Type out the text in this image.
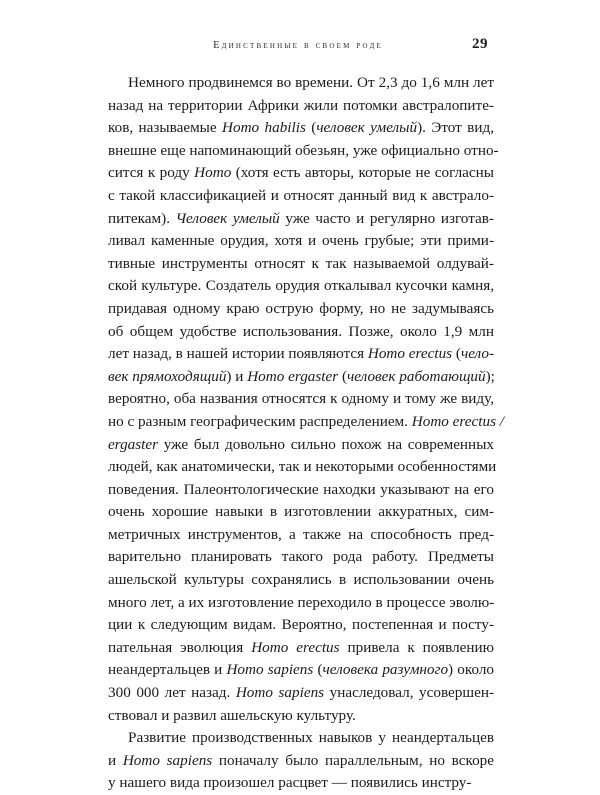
Единственные в своем роде	29
Немного продвинемся во времени. От 2,3 до 1,6 млн лет
назад на территории Африки жили потомки австралопите-
ков, называемые Homo habilis (человек умелый). Этот вид,
внешне еще напоминающий обезьян, уже официально отно-
сится к роду Homo (хотя есть авторы, которые не согласны
с такой классификацией и относят данный вид к австрало-
питекам). Человек умелый уже часто и регулярно изготав-
ливал каменные орудия, хотя и очень грубые; эти прими-
тивные инструменты относят к так называемой олдувай-
ской культуре. Создатель орудия откалывал кусочки камня,
придавая одному краю острую форму, но не задумываясь
об общем удобстве использования. Позже, около 1,9 млн
лет назад, в нашей истории появляются Homo erectus (чело-
век прямоходящий) и Homo ergaster (человек работающий);
вероятно, оба названия относятся к одному и тому же виду,
но с разным географическим распределением. Homo erectus /
ergaster уже был довольно сильно похож на современных
людей, как анатомически, так и некоторыми особенностями
поведения. Палеонтологические находки указывают на его
очень хорошие навыки в изготовлении аккуратных, сим-
метричных инструментов, а также на способность пред-
варительно планировать такого рода работу. Предметы
ашельской культуры сохранялись в использовании очень
много лет, а их изготовление переходило в процессе эволю-
ции к следующим видам. Вероятно, постепенная и посту-
пательная эволюция Homo erectus привела к появлению
неандертальцев и Homo sapiens (человека разумного) около
300 000 лет назад. Homo sapiens унаследовал, усовершен-
ствовал и развил ашельскую культуру.
Развитие производственных навыков у неандертальцев
и Homo sapiens поначалу было параллельным, но вскоре
у нашего вида произошел расцвет — появились инстру-
